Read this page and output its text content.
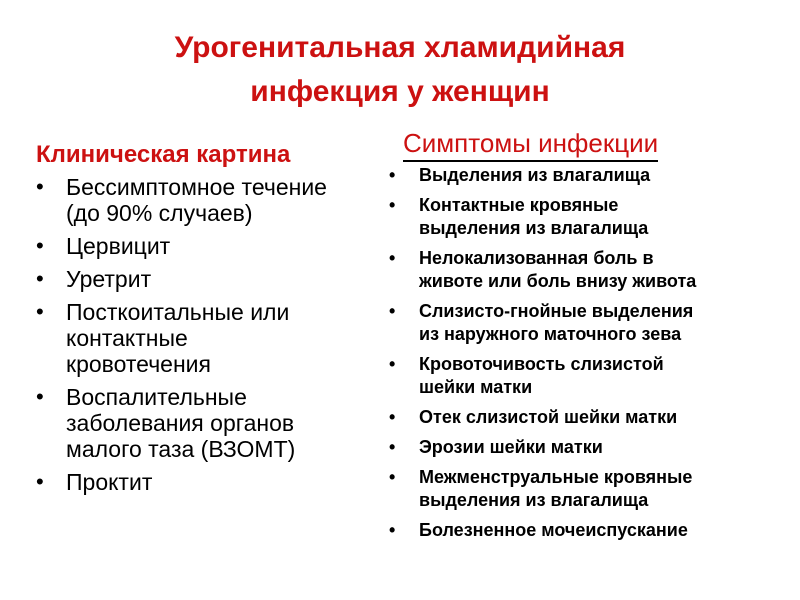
Урогенитальная хламидийная
инфекция у женщин
Клиническая картина
• Бессимптомное течение
(до 90% случаев)
• Цервицит
• Уретрит
• Посткоитальные или
контактные
кровотечения
• Воспалительные
заболевания органов
малого таза (ВЗОМТ)
• Проктит
Симптомы инфекции
• Выделения из влагалища
• Контактные кровяные
выделения из влагалища
• Нелокализованная боль в
животе или боль внизу живота
• Слизисто-гнойные выделения
из наружного маточного зева
• Кровоточивость слизистой
шейки матки
• Отек слизистой шейки матки
• Эрозии шейки матки
• Межменструальные кровяные
выделения из влагалища
• Болезненное мочеиспускание
